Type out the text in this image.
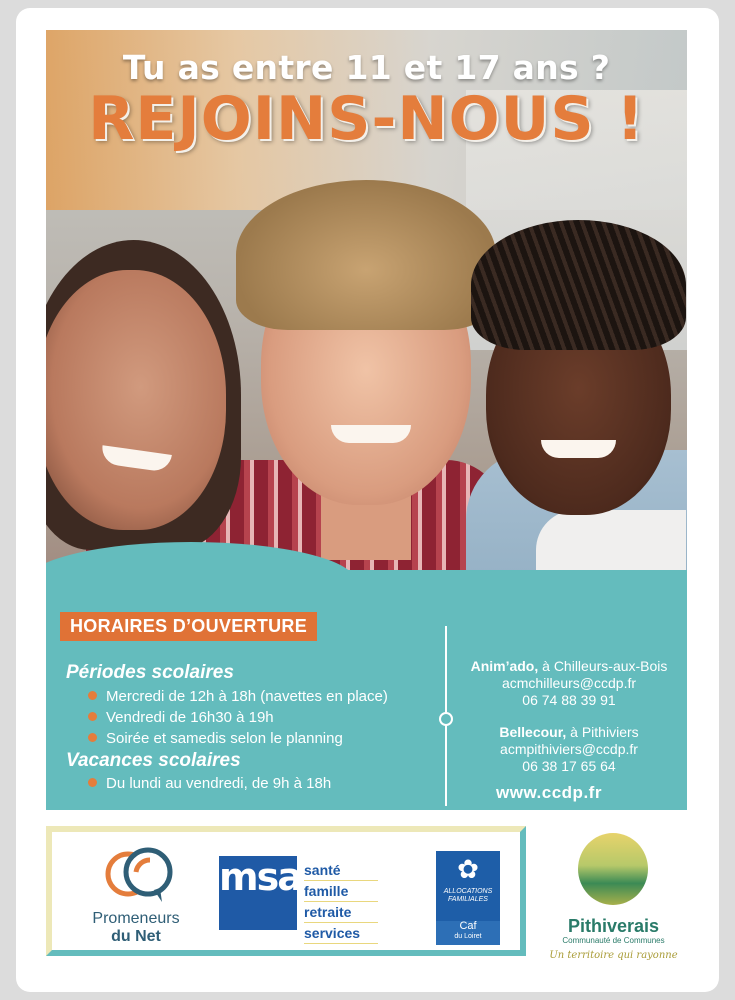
Tu as entre 11 et 17 ans ?
REJOINS-NOUS !
HORAIRES D’OUVERTURE
Périodes scolaires
Mercredi de 12h à 18h (navettes en place)
Vendredi de 16h30 à 19h
Soirée et samedis selon le planning
Vacances scolaires
Du lundi au vendredi, de 9h à 18h
Anim’ado, à Chilleurs-aux-Bois
acmchilleurs@ccdp.fr
06 74 88 39 91
Bellecour, à Pithiviers
acmpithiviers@ccdp.fr
06 38 17 65 64
www.ccdp.fr
Promeneurs
du Net
msa santé
famille
retraite
services
✿
ALLOCATIONS FAMILIALES
Caf
du Loiret
Pithiverais
Communauté de Communes
Un territoire qui rayonne
